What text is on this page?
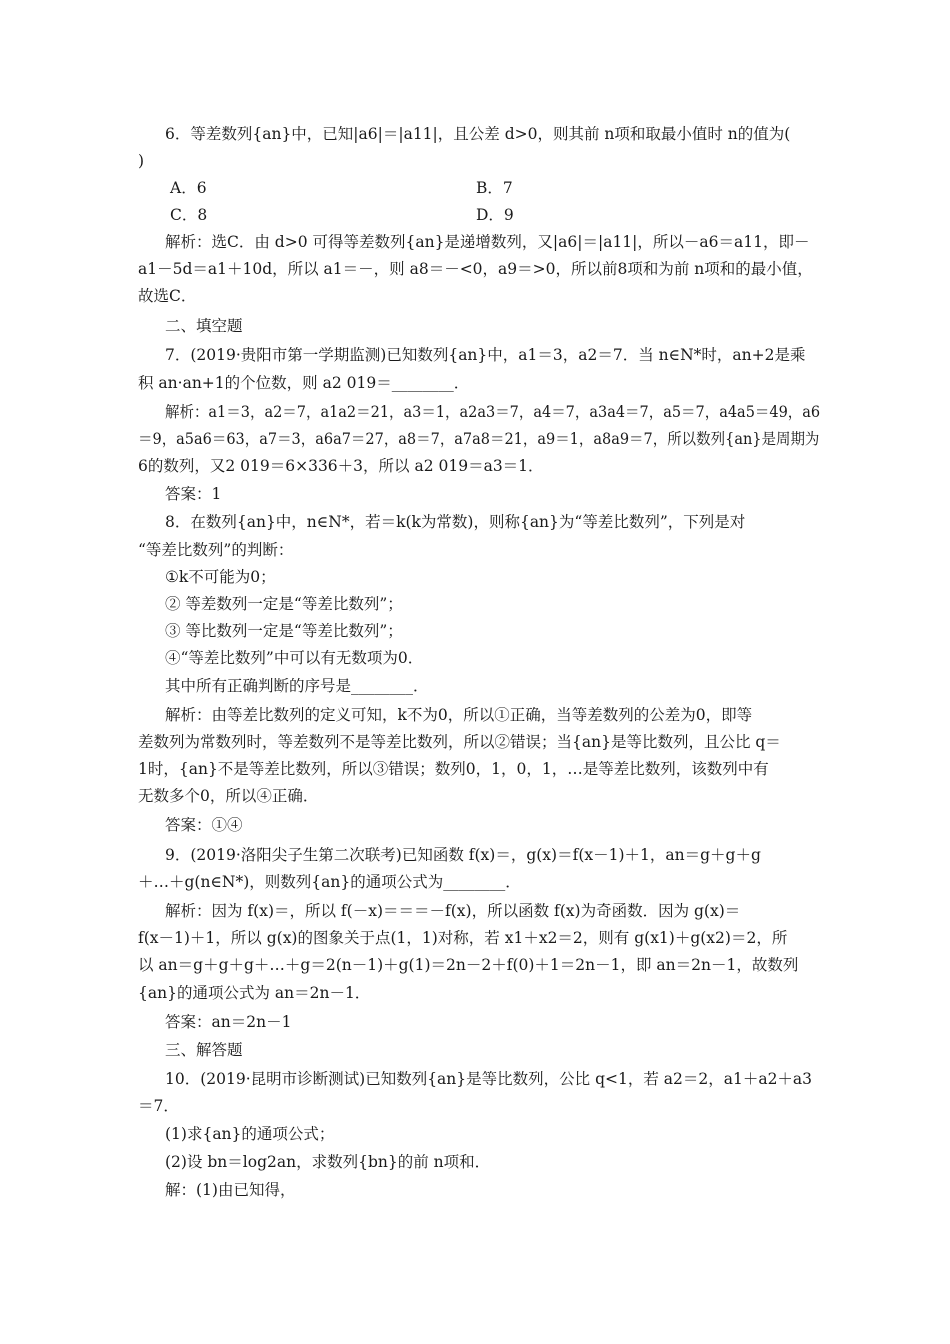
6．等差数列{an}中，已知|a6|＝|a11|，且公差 d>0，则其前 n项和取最小值时 n的值为(
)
A．6	B．7
C．8	D．9
解析：选C．由 d>0 可得等差数列{an}是递增数列，又|a6|＝|a11|，所以－a6＝a11，即－
a1－5d＝a1＋10d，所以 a1＝－，则 a8＝－<0，a9＝>0，所以前8项和为前 n项和的最小值，
故选C．
二、填空题
7．(2019·贵阳市第一学期监测)已知数列{an}中，a1＝3，a2＝7．当 n∈N*时，an+2是乘
积 an·an+1的个位数，则 a2 019＝________．
解析：a1＝3，a2＝7，a1a2＝21，a3＝1，a2a3＝7，a4＝7，a3a4＝7，a5＝7，a4a5＝49，a6
＝9，a5a6＝63，a7＝3，a6a7＝27，a8＝7，a7a8＝21，a9＝1，a8a9＝7，所以数列{an}是周期为
6的数列，又2 019＝6×336＋3，所以 a2 019＝a3＝1．
答案：1
8．在数列{an}中，n∈N*，若＝k(k为常数)，则称{an}为“等差比数列”，下列是对
“等差比数列”的判断：
①k不可能为0；
② 等差数列一定是“等差比数列”；
③ 等比数列一定是“等差比数列”；
④“等差比数列”中可以有无数项为0．
其中所有正确判断的序号是________．
解析：由等差比数列的定义可知，k不为0，所以①正确，当等差数列的公差为0，即等
差数列为常数列时，等差数列不是等差比数列，所以②错误；当{an}是等比数列，且公比 q＝
1时，{an}不是等差比数列，所以③错误；数列0，1，0，1，…是等差比数列，该数列中有
无数多个0，所以④正确．
答案：①④
9．(2019·洛阳尖子生第二次联考)已知函数 f(x)＝，g(x)＝f(x－1)＋1，an＝g＋g＋g
＋…＋g(n∈N*)，则数列{an}的通项公式为________．
解析：因为 f(x)＝，所以 f(－x)＝＝＝－f(x)，所以函数 f(x)为奇函数．因为 g(x)＝
f(x－1)＋1，所以 g(x)的图象关于点(1，1)对称，若 x1＋x2＝2，则有 g(x1)＋g(x2)＝2，所
以 an＝g＋g＋g＋…＋g＝2(n－1)＋g(1)＝2n－2＋f(0)＋1＝2n－1，即 an＝2n－1，故数列
{an}的通项公式为 an＝2n－1．
答案：an＝2n－1
三、解答题
10．(2019·昆明市诊断测试)已知数列{an}是等比数列，公比 q<1，若 a2＝2，a1＋a2＋a3
＝7．
(1)求{an}的通项公式；
(2)设 bn＝log2an，求数列{bn}的前 n项和．
解：(1)由已知得，
